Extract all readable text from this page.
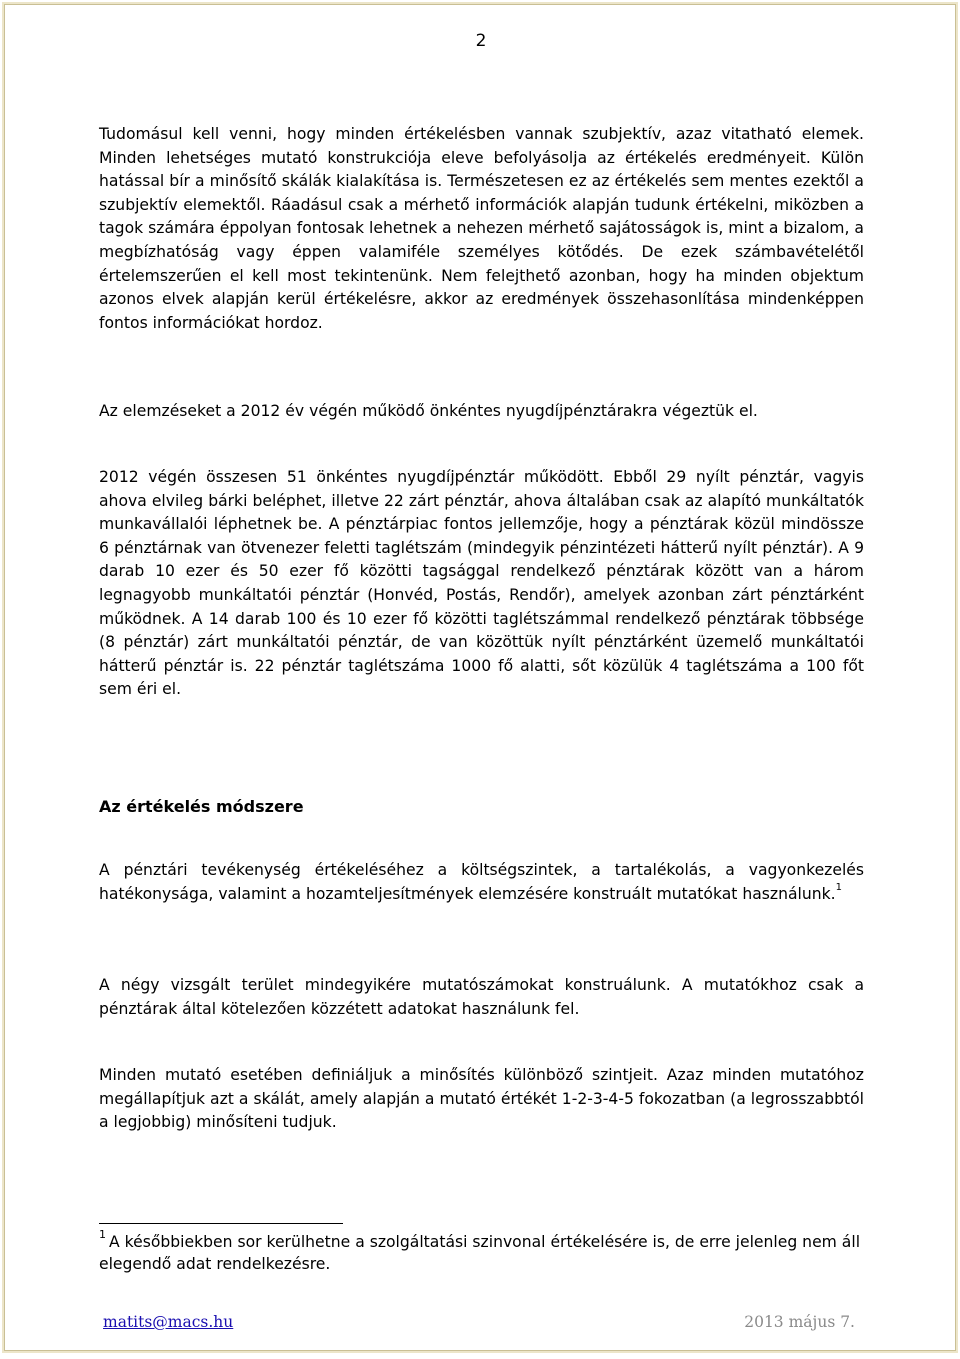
2

Tudomásul kell venni, hogy minden értékelésben vannak szubjektív, azaz vitatható elemek. Minden lehetséges mutató konstrukciója eleve befolyásolja az értékelés eredményeit. Külön hatással bír a minősítő skálák kialakítása is. Természetesen ez az értékelés sem mentes ezektől a szubjektív elemektől. Ráadásul csak a mérhető információk alapján tudunk értékelni, miközben a tagok számára éppolyan fontosak lehetnek a nehezen mérhető sajátosságok is, mint a bizalom, a megbízhatóság vagy éppen valamiféle személyes kötődés. De ezek számbavételétől értelemszerűen el kell most tekintenünk. Nem felejthető azonban, hogy ha minden objektum azonos elvek alapján kerül értékelésre, akkor az eredmények összehasonlítása mindenképpen fontos információkat hordoz.

Az elemzéseket a 2012 év végén működő önkéntes nyugdíjpénztárakra végeztük el.

2012 végén összesen 51 önkéntes nyugdíjpénztár működött. Ebből 29 nyílt pénztár, vagyis ahova elvileg bárki beléphet, illetve 22 zárt pénztár, ahova általában csak az alapító munkáltatók munkavállalói léphetnek be. A pénztárpiac fontos jellemzője, hogy a pénztárak közül mindössze 6 pénztárnak van ötvenezer feletti taglétszám (mindegyik pénzintézeti hátterű nyílt pénztár). A 9 darab 10 ezer és 50 ezer fő közötti tagsággal rendelkező pénztárak között van a három legnagyobb munkáltatói pénztár (Honvéd, Postás, Rendőr), amelyek azonban zárt pénztárként működnek. A 14 darab 100 és 10 ezer fő közötti taglétszámmal rendelkező pénztárak többsége (8 pénztár) zárt munkáltatói pénztár, de van közöttük nyílt pénztárként üzemelő munkáltatói hátterű pénztár is. 22 pénztár taglétszáma 1000 fő alatti, sőt közülük 4 taglétszáma a 100 főt sem éri el.

Az értékelés módszere

A pénztári tevékenység értékeléséhez a költségszintek, a tartalékolás, a vagyonkezelés hatékonysága, valamint a hozamteljesítmények elemzésére konstruált mutatókat használunk.$^1$

A négy vizsgált terület mindegyikére mutatószámokat konstruálunk. A mutatókhoz csak a pénztárak által kötelezően közzétett adatokat használunk fel.

Minden mutató esetében definiáljuk a minősítés különböző szintjeit. Azaz minden mutatóhoz megállapítjuk azt a skálát, amely alapján a mutató értékét 1-2-3-4-5 fokozatban (a legrosszabbtól a legjobbig) minősíteni tudjuk.

$^1$ A későbbiekben sor kerülhetne a szolgáltatási szinvonal értékelésére is, de erre jelenleg nem áll elegendő adat rendelkezésre.

matits@macs.hu	2013 május 7.
